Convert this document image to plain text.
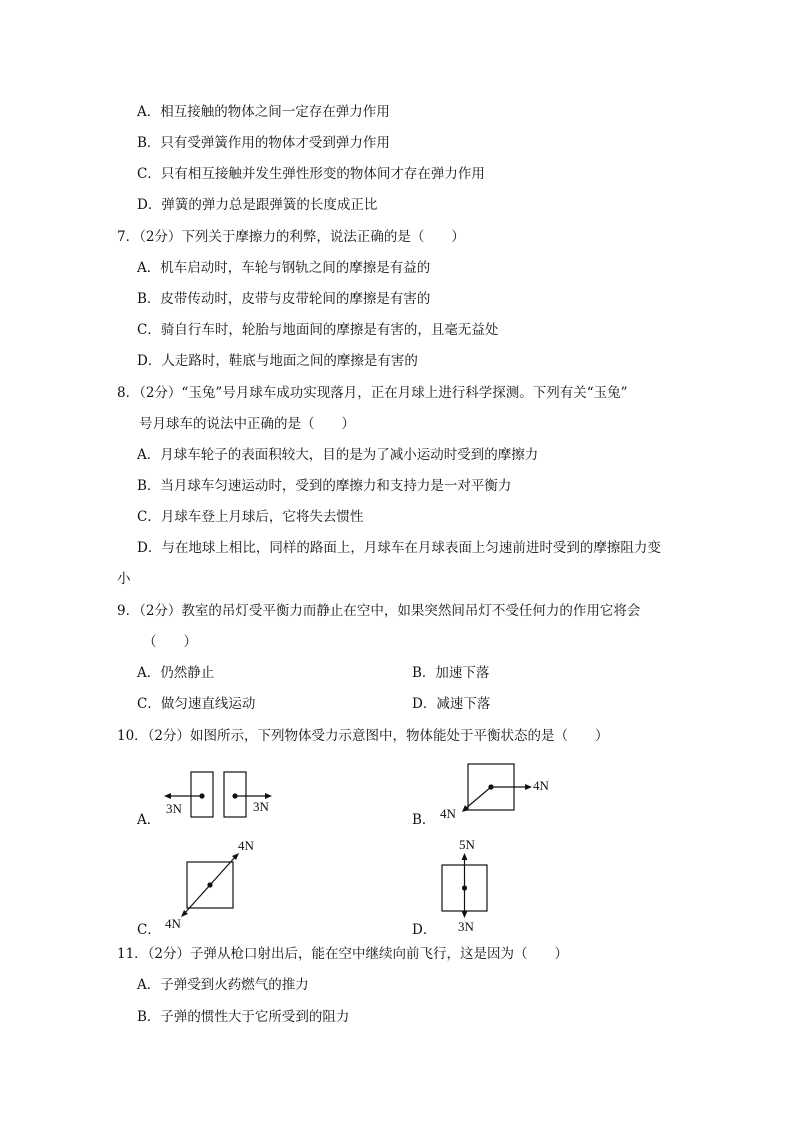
A．相互接触的物体之间一定存在弹力作用
B．只有受弹簧作用的物体才受到弹力作用
C．只有相互接触并发生弹性形变的物体间才存在弹力作用
D．弹簧的弹力总是跟弹簧的长度成正比
7．（2分）下列关于摩擦力的利弊，说法正确的是（　　）
A．机车启动时，车轮与钢轨之间的摩擦是有益的
B．皮带传动时，皮带与皮带轮间的摩擦是有害的
C．骑自行车时，轮胎与地面间的摩擦是有害的，且毫无益处
D．人走路时，鞋底与地面之间的摩擦是有害的
8．（2分）“玉兔”号月球车成功实现落月，正在月球上进行科学探测。下列有关“玉兔”
号月球车的说法中正确的是（　　）
A．月球车轮子的表面积较大，目的是为了减小运动时受到的摩擦力
B．当月球车匀速运动时，受到的摩擦力和支持力是一对平衡力
C．月球车登上月球后，它将失去惯性
D．与在地球上相比，同样的路面上，月球车在月球表面上匀速前进时受到的摩擦阻力变
小
9．（2分）教室的吊灯受平衡力而静止在空中，如果突然间吊灯不受任何力的作用它将会
（　　）
A．仍然静止	B．加速下落
C．做匀速直线运动	D．减速下落
10．（2分）如图所示，下列物体受力示意图中，物体能处于平衡状态的是（　　）
A．
3N	3N
B．
4N
4N
C．
4N
4N	D．
5N
3N
11．（2分）子弹从枪口射出后，能在空中继续向前飞行，这是因为（　　）
A．子弹受到火药燃气的推力
B．子弹的惯性大于它所受到的阻力
